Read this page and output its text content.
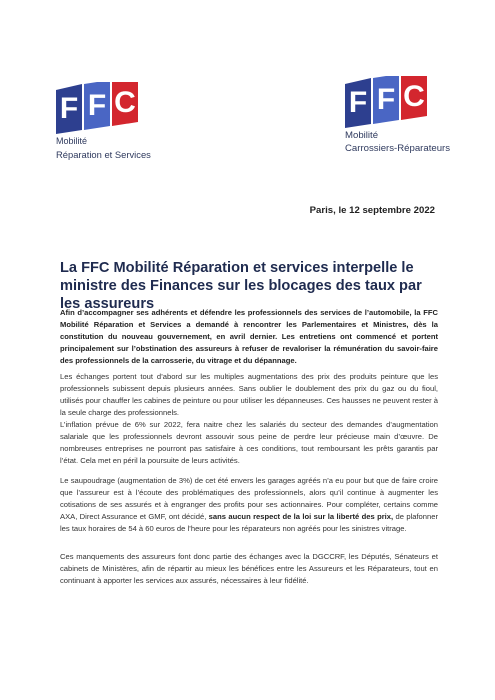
F F C
Mobilité
Réparation et Services
F F C
Mobilité
Carrossiers-Réparateurs
Paris, le 12 septembre 2022
La FFC Mobilité Réparation et services interpelle le ministre des Finances sur les blocages des taux par les assureurs

Afin d’accompagner ses adhérents et défendre les professionnels des services de l’automobile, la FFC Mobilité Réparation et Services a demandé à rencontrer les Parlementaires et Ministres, dès la constitution du nouveau gouvernement, en avril dernier. Les entretiens ont commencé et portent principalement sur l’obstination des assureurs à refuser de revaloriser la rémunération du savoir-faire des professionnels de la carrosserie, du vitrage et du dépannage.

Les échanges portent tout d’abord sur les multiples augmentations des prix des produits peinture que les professionnels subissent depuis plusieurs années. Sans oublier le doublement des prix du gaz ou du fioul, utilisés pour chauffer les cabines de peinture ou pour utiliser les dépanneuses. Ces hausses ne peuvent rester à la seule charge des professionnels.

L’inflation prévue de 6% sur 2022, fera naitre chez les salariés du secteur des demandes d’augmentation salariale que les professionnels devront assouvir sous peine de perdre leur précieuse main d’œuvre. De nombreuses entreprises ne pourront pas satisfaire à ces conditions, tout remboursant les prêts garantis par l’état. Cela met en péril la poursuite de leurs activités.

Le saupoudrage (augmentation de 3%) de cet été envers les garages agréés n’a eu pour but que de faire croire que l’assureur est à l’écoute des problématiques des professionnels, alors qu’il continue à augmenter les cotisations de ses assurés et à engranger des profits pour ses actionnaires. Pour compléter, certains comme AXA, Direct Assurance et GMF, ont décidé, sans aucun respect de la loi sur la liberté des prix, de plafonner les taux horaires de 54 à 60 euros de l’heure pour les réparateurs non agréés pour les sinistres vitrage.

Ces manquements des assureurs font donc partie des échanges avec la DGCCRF, les Députés, Sénateurs et cabinets de Ministères, afin de répartir au mieux les bénéfices entre les Assureurs et les Réparateurs, tout en continuant à apporter les services aux assurés, nécessaires à leur fidélité.
